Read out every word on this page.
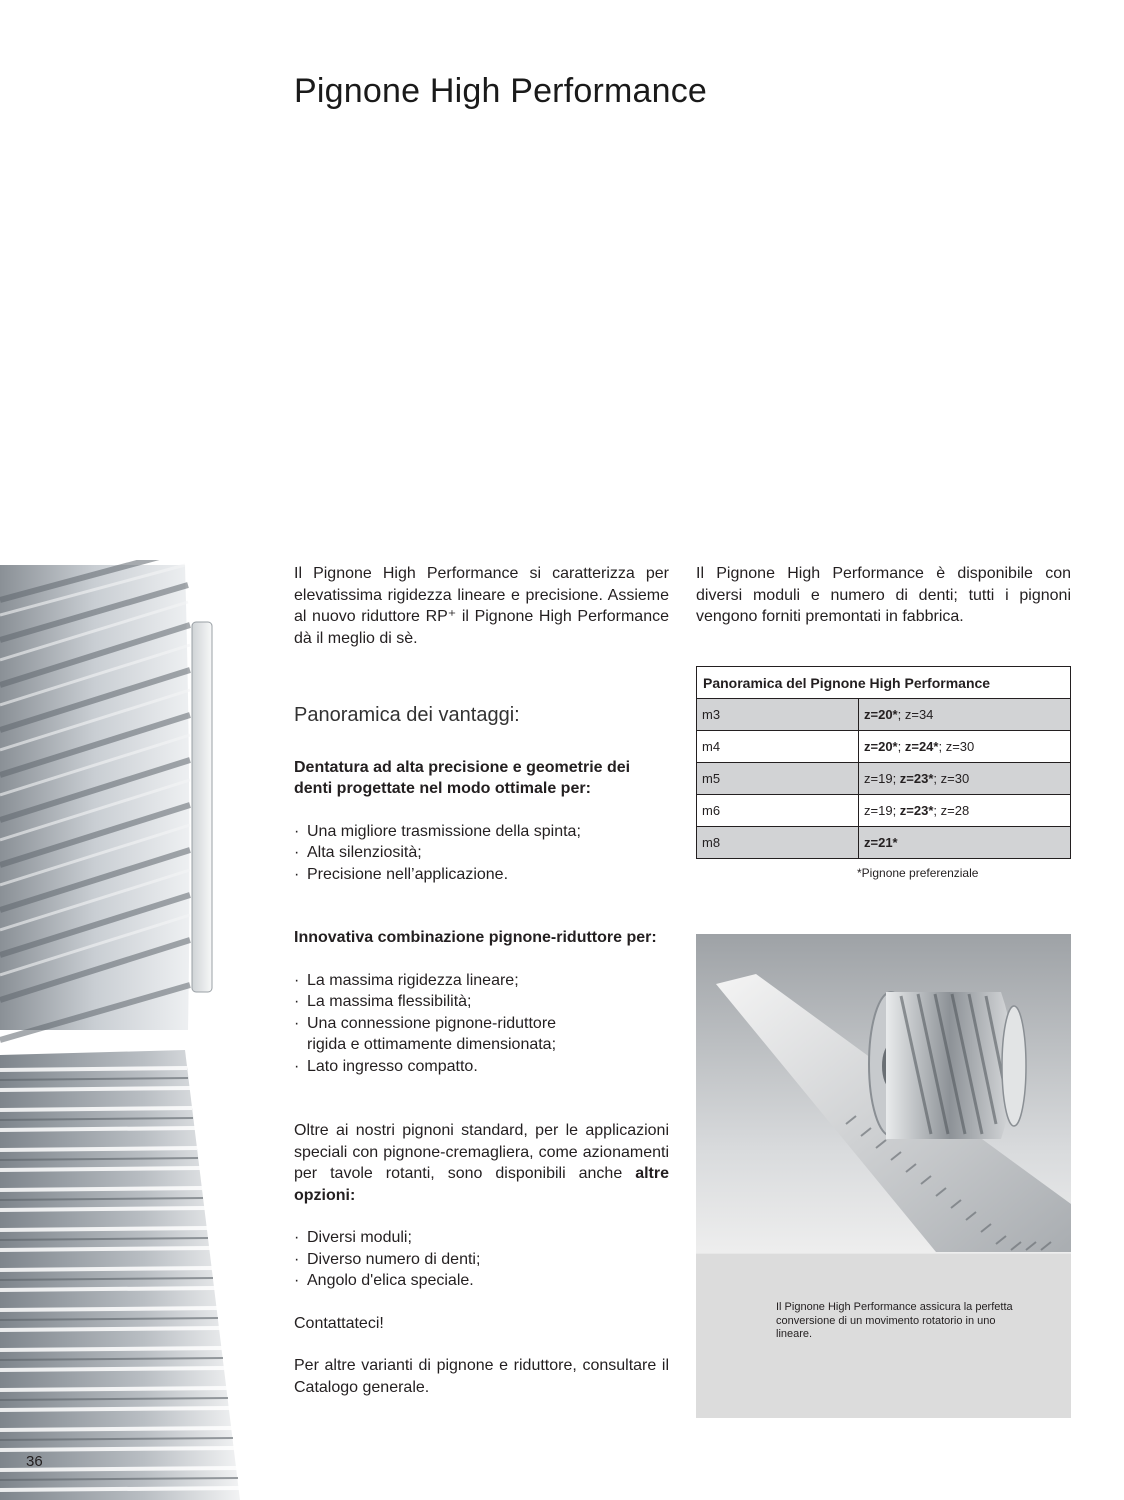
Pignone High Performance

Il Pignone High Performance si caratterizza per elevatissima rigidezza lineare e precisione. Assieme al nuovo riduttore RP⁺ il Pignone High Performance dà il meglio di sè.

Panoramica dei vantaggi:

Dentatura ad alta precisione e geometrie dei denti progettate nel modo ottimale per:

· Una migliore trasmissione della spinta;
· Alta silenziosità;
· Precisione nell’applicazione.

Innovativa combinazione pignone-riduttore per:

· La massima rigidezza lineare;
· La massima flessibilità;
· Una connessione pignone-riduttore rigida e ottimamente dimensionata;
· Lato ingresso compatto.

Oltre ai nostri pignoni standard, per le applicazioni speciali con pignone-cremagliera, come azionamenti per tavole rotanti, sono disponibili anche altre opzioni:

· Diversi moduli;
· Diverso numero di denti;
· Angolo d'elica speciale.

Contattateci!

Per altre varianti di pignone e riduttore, consultare il Catalogo generale.

Il Pignone High Performance è disponibile con diversi moduli e numero di denti; tutti i pignoni vengono forniti premontati in fabbrica.

Panoramica del Pignone High Performance	
m3	z=20*; z=34
m4	z=20*; z=24*; z=30
m5	z=19; z=23*; z=30
m6	z=19; z=23*; z=28
m8	z=21*
*Pignone preferenziale
Il Pignone High Performance assicura la perfetta conversione di un movimento rotatorio in uno lineare.
36
